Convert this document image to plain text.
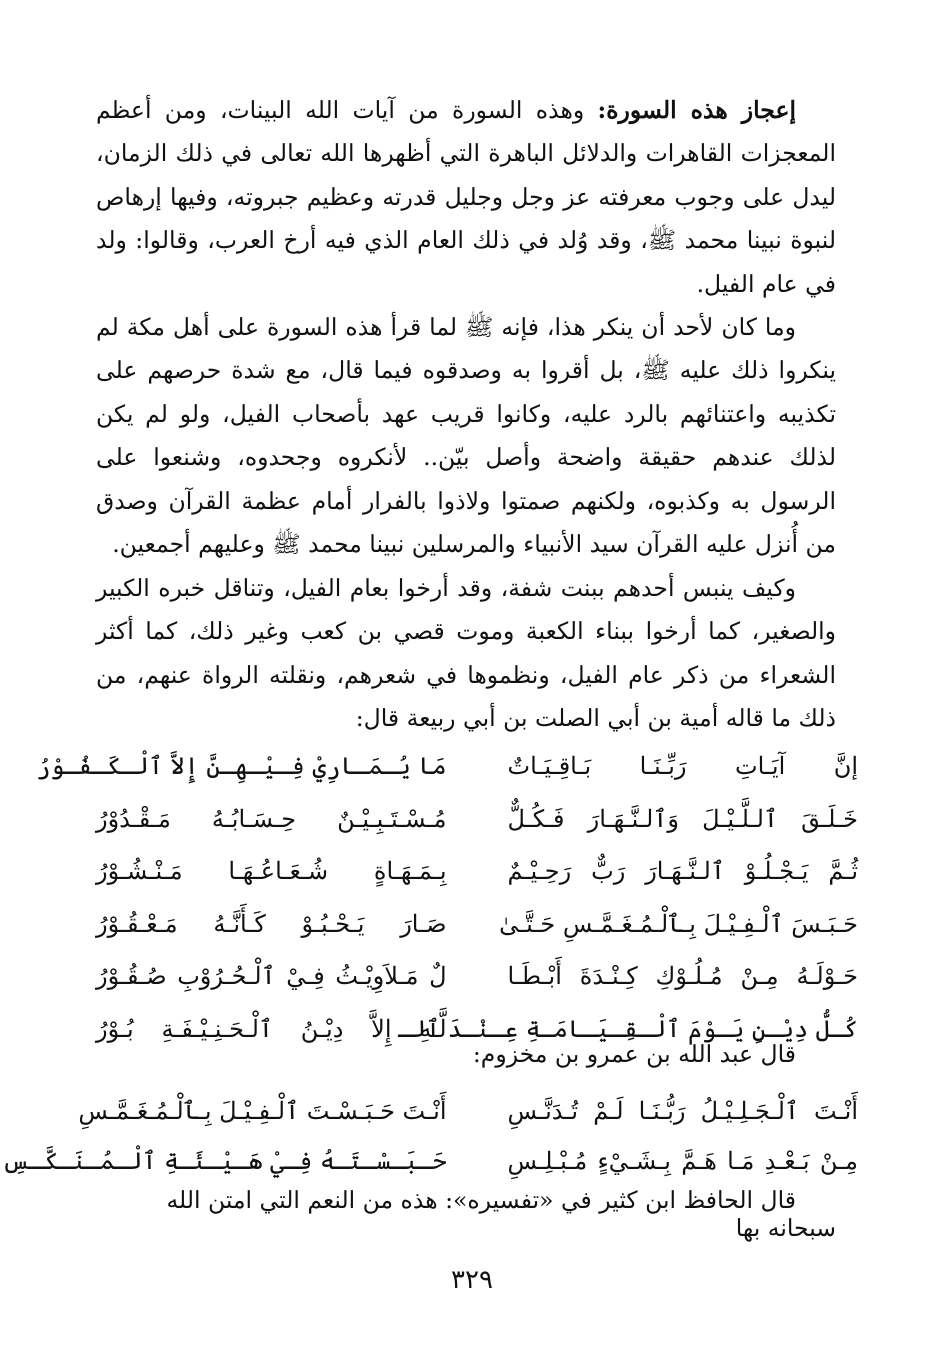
إعجاز هذه السورة: وهذه السورة من آيات الله البينات، ومن أعظم المعجزات القاهرات والدلائل الباهرة التي أظهرها الله تعالى في ذلك الزمان، ليدل على وجوب معرفته عز وجل وجليل قدرته وعظيم جبروته، وفيها إرهاص لنبوة نبينا محمد ﷺ، وقد وُلد في ذلك العام الذي فيه أرخ العرب، وقالوا: ولد في عام الفيل.

وما كان لأحد أن ينكر هذا، فإنه ﷺ لما قرأ هذه السورة على أهل مكة لم ينكروا ذلك عليه ﷺ، بل أقروا به وصدقوه فيما قال، مع شدة حرصهم على تكذيبه واعتنائهم بالرد عليه، وكانوا قريب عهد بأصحاب الفيل، ولو لم يكن لذلك عندهم حقيقة واضحة وأصل بيّن.. لأنكروه وجحدوه، وشنعوا على الرسول به وكذبوه، ولكنهم صمتوا ولاذوا بالفرار أمام عظمة القرآن وصدق من أُنزل عليه القرآن سيد الأنبياء والمرسلين نبينا محمد ﷺ وعليهم أجمعين.

وكيف ينبس أحدهم ببنت شفة، وقد أرخوا بعام الفيل، وتناقل خبره الكبير والصغير، كما أرخوا ببناء الكعبة وموت قصي بن كعب وغير ذلك، كما أكثر الشعراء من ذكر عام الفيل، ونظموها في شعرهم، ونقلته الرواة عنهم، من ذلك ما قاله أمية بن أبي الصلت بن أبي ربيعة قال:

إنَّ آيَـاتِ رَبِّـنَـا بَـاقِـيَـاتٌ
مَا يُـمَـارِيْ فِـيْـهِـنَّ إِلاَّ ٱلْـكَـفُـوْرُ
خَـلَـقَ ٱلـلَّـيْـلَ وَٱلـنَّـهَـارَ فَـكُـلٌّ
مُـسْـتَـبِـيْـنٌ حِـسَـابُـهُ مَـقْـدُوْرُ
ثُـمَّ يَـجْـلُـوْ ٱلـنَّـهَـارَ رَبٌّ رَحِـيْـمٌ
بِـمَـهَـاةٍ شُـعَـاعُـهَـا مَـنْـشُـوْرُ
حَـبَـسَ ٱلْـفِـيْـلَ بِـٱلْـمُـغَـمَّـسِ حَـتَّـىٰ
صَـارَ يَـحْـبُـوْ كَـأَنَّـهُ مَـعْـقُـوْرُ
حَـوْلَـهُ مِـنْ مُـلُـوْكِ كِـنْـدَةَ أَبْـطَـا
لٌ مَـلاَوِيْـثُ فِـيْ ٱلْـحُـرُوْبِ صُـقُـوْرُ
كُـلُّ دِيْـنٍ يَـوْمَ ٱلْـقِـيَـامَـةِ عِـنْـدَ ٱلـ
لَّـهِ إِلاَّ دِيْـنُ ٱلْـحَـنِـيْـفَـةِ بُـوْرُ

قال عبد الله بن عمرو بن مخزوم:

أَنْـتَ ٱلْـجَـلِـيْـلُ رَبُّـنَـا لَـمْ تُـدَنَّـسِ
أَنْـتَ حَـبَـسْـتَ ٱلْـفِـيْـلَ بِـٱلْـمُـغَـمَّـسِ
مِـنْ بَـعْـدِ مَـا هَـمَّ بِـشَـيْءٍ مُـبْـلِـسِ
حَـبَـسْـتَـهُ فِـيْ هَـيْـئَـةِ ٱلْـمُـنَـكَّـسِ

قال الحافظ ابن كثير في «تفسيره»: هذه من النعم التي امتن الله سبحانه بها

٣٢٩
